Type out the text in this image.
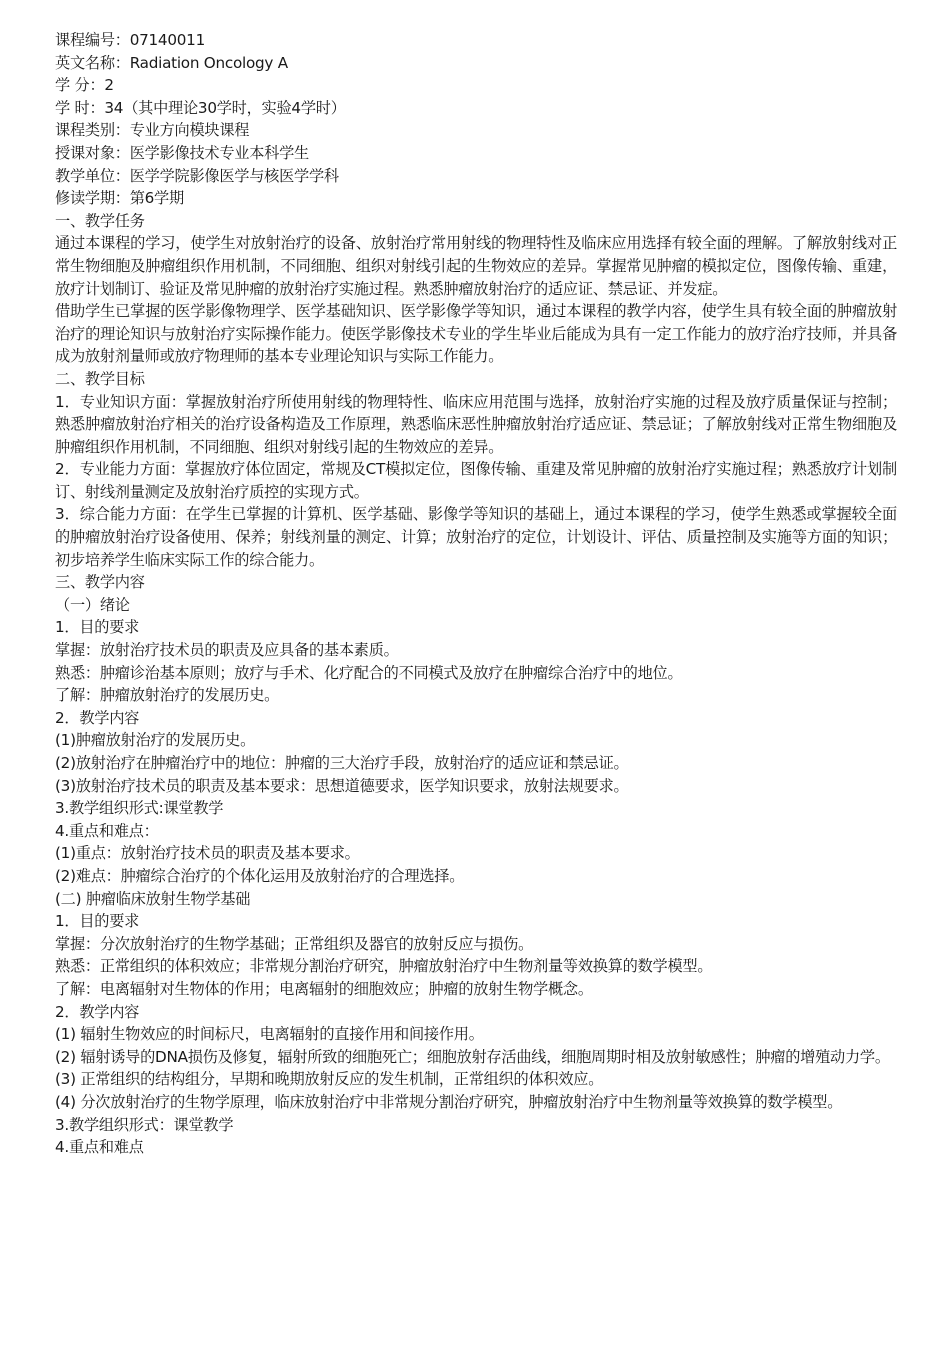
课程编号：07140011
英文名称：Radiation Oncology A
学 分：2
学 时：34（其中理论30学时，实验4学时）
课程类别：专业方向模块课程
授课对象：医学影像技术专业本科学生
教学单位：医学学院影像医学与核医学学科
修读学期：第6学期
一、教学任务
通过本课程的学习，使学生对放射治疗的设备、放射治疗常用射线的物理特性及临床应用选择有较全面的理解。了解放射线对正常生物细胞及肿瘤组织作用机制，不同细胞、组织对射线引起的生物效应的差异。掌握常见肿瘤的模拟定位，图像传输、重建，放疗计划制订、验证及常见肿瘤的放射治疗实施过程。熟悉肿瘤放射治疗的适应证、禁忌证、并发症。
借助学生已掌握的医学影像物理学、医学基础知识、医学影像学等知识，通过本课程的教学内容，使学生具有较全面的肿瘤放射治疗的理论知识与放射治疗实际操作能力。使医学影像技术专业的学生毕业后能成为具有一定工作能力的放疗治疗技师，并具备成为放射剂量师或放疗物理师的基本专业理论知识与实际工作能力。
二、教学目标
1．专业知识方面：掌握放射治疗所使用射线的物理特性、临床应用范围与选择，放射治疗实施的过程及放疗质量保证与控制；熟悉肿瘤放射治疗相关的治疗设备构造及工作原理，熟悉临床恶性肿瘤放射治疗适应证、禁忌证；了解放射线对正常生物细胞及肿瘤组织作用机制，不同细胞、组织对射线引起的生物效应的差异。
2．专业能力方面：掌握放疗体位固定，常规及CT模拟定位，图像传输、重建及常见肿瘤的放射治疗实施过程；熟悉放疗计划制订、射线剂量测定及放射治疗质控的实现方式。
3．综合能力方面：在学生已掌握的计算机、医学基础、影像学等知识的基础上，通过本课程的学习，使学生熟悉或掌握较全面的肿瘤放射治疗设备使用、保养；射线剂量的测定、计算；放射治疗的定位，计划设计、评估、质量控制及实施等方面的知识；初步培养学生临床实际工作的综合能力。
三、教学内容
（一）绪论
1．目的要求
掌握：放射治疗技术员的职责及应具备的基本素质。
熟悉：肿瘤诊治基本原则；放疗与手术、化疗配合的不同模式及放疗在肿瘤综合治疗中的地位。
了解：肿瘤放射治疗的发展历史。
2．教学内容
(1)肿瘤放射治疗的发展历史。
(2)放射治疗在肿瘤治疗中的地位：肿瘤的三大治疗手段，放射治疗的适应证和禁忌证。
(3)放射治疗技术员的职责及基本要求：思想道德要求，医学知识要求，放射法规要求。
3.教学组织形式:课堂教学
4.重点和难点：
(1)重点：放射治疗技术员的职责及基本要求。
(2)难点：肿瘤综合治疗的个体化运用及放射治疗的合理选择。
(二) 肿瘤临床放射生物学基础
1．目的要求
掌握：分次放射治疗的生物学基础；正常组织及器官的放射反应与损伤。
熟悉：正常组织的体积效应；非常规分割治疗研究，肿瘤放射治疗中生物剂量等效换算的数学模型。
了解：电离辐射对生物体的作用；电离辐射的细胞效应；肿瘤的放射生物学概念。
2．教学内容
(1) 辐射生物效应的时间标尺，电离辐射的直接作用和间接作用。
(2) 辐射诱导的DNA损伤及修复，辐射所致的细胞死亡；细胞放射存活曲线，细胞周期时相及放射敏感性；肿瘤的增殖动力学。
(3) 正常组织的结构组分，早期和晚期放射反应的发生机制，正常组织的体积效应。
(4) 分次放射治疗的生物学原理，临床放射治疗中非常规分割治疗研究，肿瘤放射治疗中生物剂量等效换算的数学模型。
3.教学组织形式：课堂教学
4.重点和难点
